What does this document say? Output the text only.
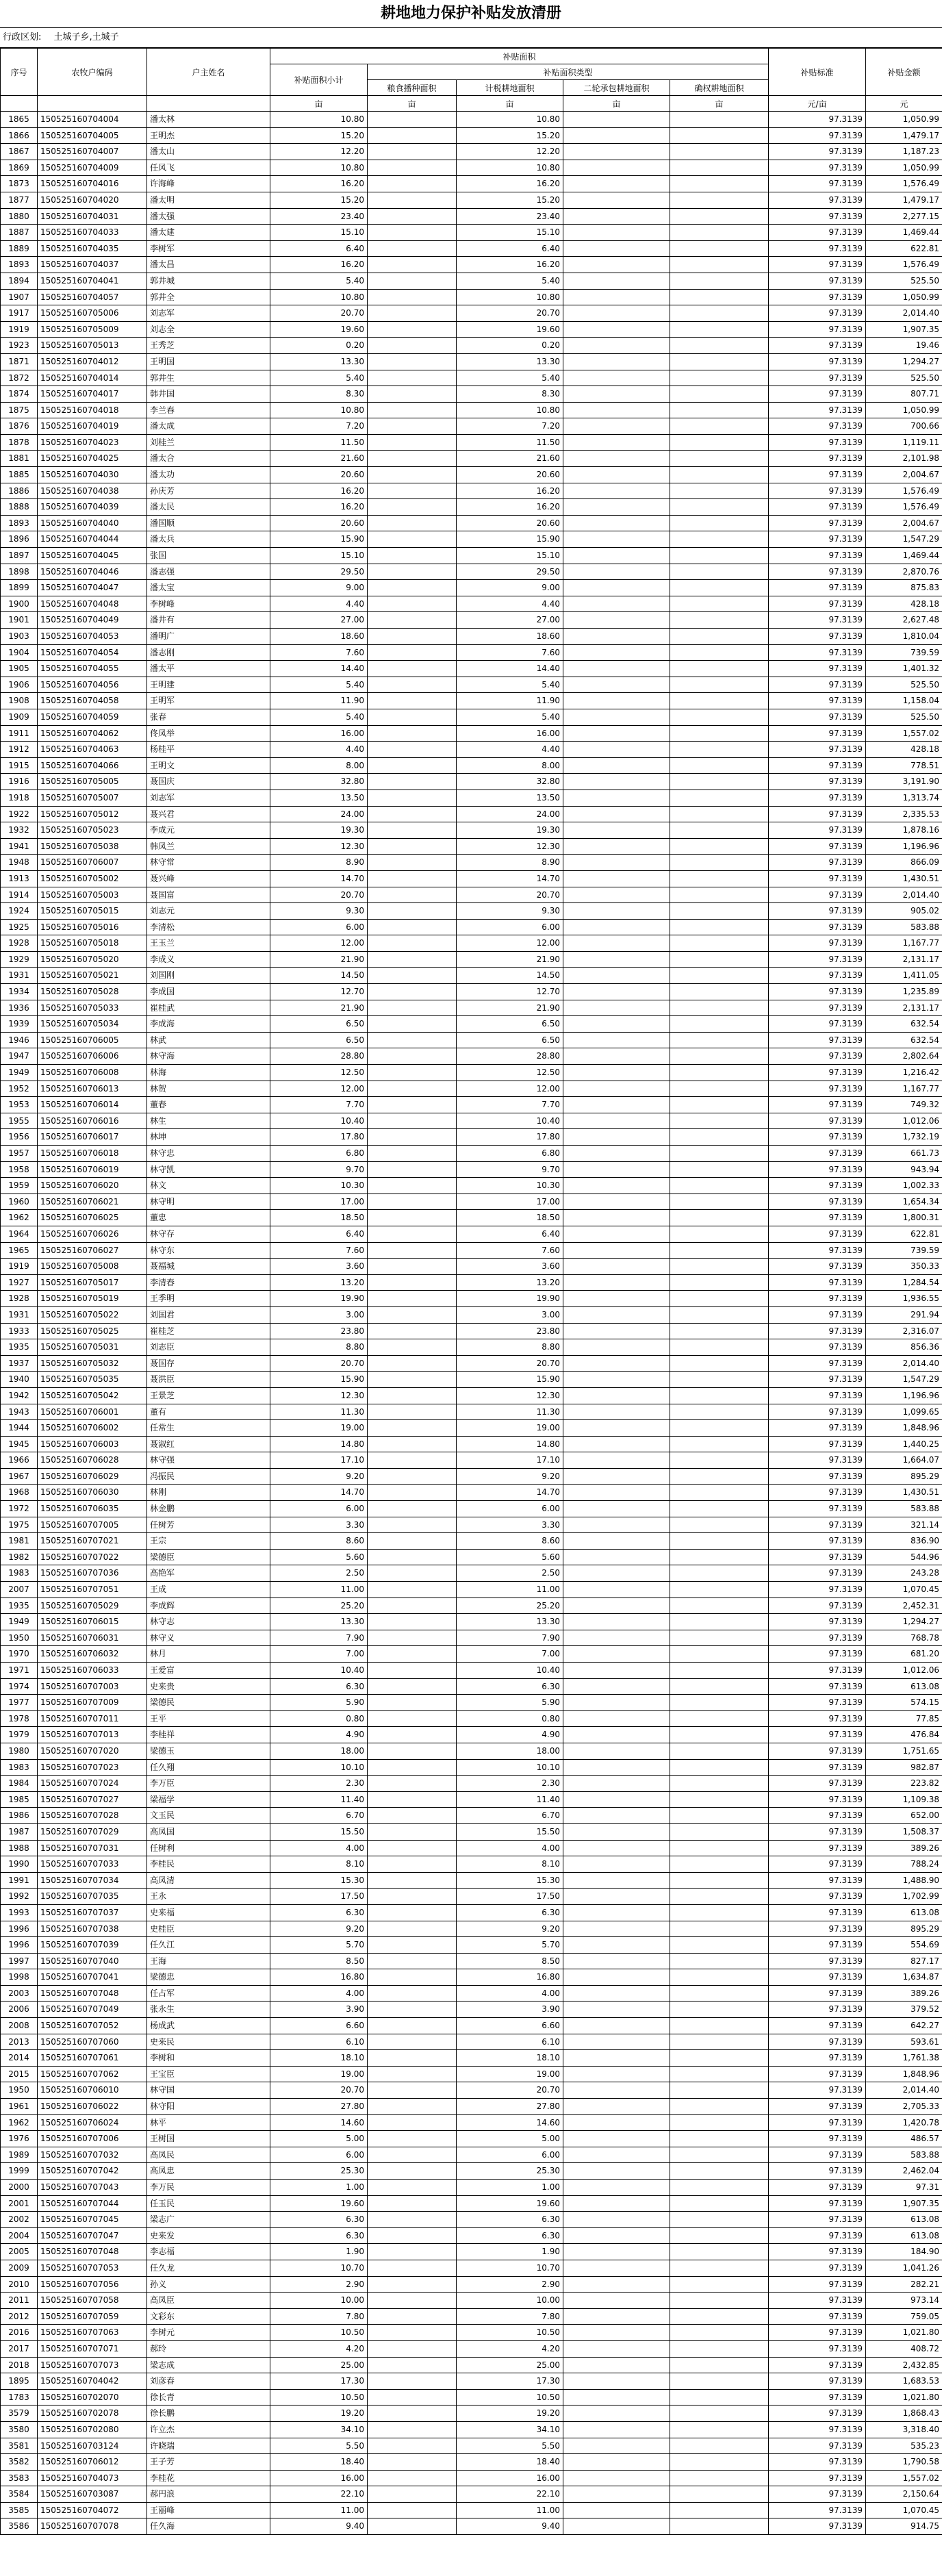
耕地地力保护补贴发放清册
行政区划: 土城子乡,土城子
序号	农牧户编码	户主姓名	补贴面积					补贴标准	补贴金额
			补贴面积小计	补贴面积类型					
				粮食播种面积	计税耕地面积	二轮承包耕地面积	确权耕地面积		
			亩	亩	亩	亩	亩	元/亩	元
1865	150525160704004	潘太林	10.80		10.80			97.3139	1,050.99
1866	150525160704005	王明杰	15.20		15.20			97.3139	1,479.17
1867	150525160704007	潘太山	12.20		12.20			97.3139	1,187.23
1869	150525160704009	任风飞	10.80		10.80			97.3139	1,050.99
1873	150525160704016	许海峰	16.20		16.20			97.3139	1,576.49
1877	150525160704020	潘太明	15.20		15.20			97.3139	1,479.17
1880	150525160704031	潘太强	23.40		23.40			97.3139	2,277.15
1887	150525160704033	潘太建	15.10		15.10			97.3139	1,469.44
1889	150525160704035	李树军	6.40		6.40			97.3139	622.81
1893	150525160704037	潘太昌	16.20		16.20			97.3139	1,576.49
1894	150525160704041	郭井城	5.40		5.40			97.3139	525.50
1907	150525160704057	郭井全	10.80		10.80			97.3139	1,050.99
1917	150525160705006	刘志军	20.70		20.70			97.3139	2,014.40
1919	150525160705009	刘志全	19.60		19.60			97.3139	1,907.35
1923	150525160705013	王秀芝	0.20		0.20			97.3139	19.46
1871	150525160704012	王明国	13.30		13.30			97.3139	1,294.27
1872	150525160704014	郭井生	5.40		5.40			97.3139	525.50
1874	150525160704017	韩井国	8.30		8.30			97.3139	807.71
1875	150525160704018	李兰春	10.80		10.80			97.3139	1,050.99
1876	150525160704019	潘太成	7.20		7.20			97.3139	700.66
1878	150525160704023	刘桂兰	11.50		11.50			97.3139	1,119.11
1881	150525160704025	潘太合	21.60		21.60			97.3139	2,101.98
1885	150525160704030	潘太功	20.60		20.60			97.3139	2,004.67
1886	150525160704038	孙庆芳	16.20		16.20			97.3139	1,576.49
1888	150525160704039	潘太民	16.20		16.20			97.3139	1,576.49
1893	150525160704040	潘国顺	20.60		20.60			97.3139	2,004.67
1896	150525160704044	潘太兵	15.90		15.90			97.3139	1,547.29
1897	150525160704045	张国	15.10		15.10			97.3139	1,469.44
1898	150525160704046	潘志强	29.50		29.50			97.3139	2,870.76
1899	150525160704047	潘太宝	9.00		9.00			97.3139	875.83
1900	150525160704048	李树峰	4.40		4.40			97.3139	428.18
1901	150525160704049	潘井有	27.00		27.00			97.3139	2,627.48
1903	150525160704053	潘明广	18.60		18.60			97.3139	1,810.04
1904	150525160704054	潘志刚	7.60		7.60			97.3139	739.59
1905	150525160704055	潘太平	14.40		14.40			97.3139	1,401.32
1906	150525160704056	王明建	5.40		5.40			97.3139	525.50
1908	150525160704058	王明军	11.90		11.90			97.3139	1,158.04
1909	150525160704059	张春	5.40		5.40			97.3139	525.50
1911	150525160704062	佟凤举	16.00		16.00			97.3139	1,557.02
1912	150525160704063	杨桂平	4.40		4.40			97.3139	428.18
1915	150525160704066	王明文	8.00		8.00			97.3139	778.51
1916	150525160705005	聂国庆	32.80		32.80			97.3139	3,191.90
1918	150525160705007	刘志军	13.50		13.50			97.3139	1,313.74
1922	150525160705012	聂兴君	24.00		24.00			97.3139	2,335.53
1932	150525160705023	李成元	19.30		19.30			97.3139	1,878.16
1941	150525160705038	韩凤兰	12.30		12.30			97.3139	1,196.96
1948	150525160706007	林守常	8.90		8.90			97.3139	866.09
1913	150525160705002	聂兴峰	14.70		14.70			97.3139	1,430.51
1914	150525160705003	聂国富	20.70		20.70			97.3139	2,014.40
1924	150525160705015	刘志元	9.30		9.30			97.3139	905.02
1925	150525160705016	李清松	6.00		6.00			97.3139	583.88
1928	150525160705018	王玉兰	12.00		12.00			97.3139	1,167.77
1929	150525160705020	李成义	21.90		21.90			97.3139	2,131.17
1931	150525160705021	刘国刚	14.50		14.50			97.3139	1,411.05
1934	150525160705028	李成国	12.70		12.70			97.3139	1,235.89
1936	150525160705033	崔桂武	21.90		21.90			97.3139	2,131.17
1939	150525160705034	李成海	6.50		6.50			97.3139	632.54
1946	150525160706005	林武	6.50		6.50			97.3139	632.54
1947	150525160706006	林守海	28.80		28.80			97.3139	2,802.64
1949	150525160706008	林海	12.50		12.50			97.3139	1,216.42
1952	150525160706013	林贺	12.00		12.00			97.3139	1,167.77
1953	150525160706014	董春	7.70		7.70			97.3139	749.32
1955	150525160706016	林生	10.40		10.40			97.3139	1,012.06
1956	150525160706017	林坤	17.80		17.80			97.3139	1,732.19
1957	150525160706018	林守忠	6.80		6.80			97.3139	661.73
1958	150525160706019	林守凯	9.70		9.70			97.3139	943.94
1959	150525160706020	林文	10.30		10.30			97.3139	1,002.33
1960	150525160706021	林守明	17.00		17.00			97.3139	1,654.34
1962	150525160706025	董忠	18.50		18.50			97.3139	1,800.31
1964	150525160706026	林守存	6.40		6.40			97.3139	622.81
1965	150525160706027	林守东	7.60		7.60			97.3139	739.59
1919	150525160705008	聂福城	3.60		3.60			97.3139	350.33
1927	150525160705017	李清春	13.20		13.20			97.3139	1,284.54
1928	150525160705019	王季明	19.90		19.90			97.3139	1,936.55
1931	150525160705022	刘国君	3.00		3.00			97.3139	291.94
1933	150525160705025	崔桂芝	23.80		23.80			97.3139	2,316.07
1935	150525160705031	刘志臣	8.80		8.80			97.3139	856.36
1937	150525160705032	聂国存	20.70		20.70			97.3139	2,014.40
1940	150525160705035	聂洪臣	15.90		15.90			97.3139	1,547.29
1942	150525160705042	王景芝	12.30		12.30			97.3139	1,196.96
1943	150525160706001	董有	11.30		11.30			97.3139	1,099.65
1944	150525160706002	任常生	19.00		19.00			97.3139	1,848.96
1945	150525160706003	聂淑红	14.80		14.80			97.3139	1,440.25
1966	150525160706028	林守强	17.10		17.10			97.3139	1,664.07
1967	150525160706029	冯振民	9.20		9.20			97.3139	895.29
1968	150525160706030	林刚	14.70		14.70			97.3139	1,430.51
1972	150525160706035	林金鹏	6.00		6.00			97.3139	583.88
1975	150525160707005	任树芳	3.30		3.30			97.3139	321.14
1981	150525160707021	王宗	8.60		8.60			97.3139	836.90
1982	150525160707022	梁德臣	5.60		5.60			97.3139	544.96
1983	150525160707036	高艳军	2.50		2.50			97.3139	243.28
2007	150525160707051	王成	11.00		11.00			97.3139	1,070.45
1935	150525160705029	李成辉	25.20		25.20			97.3139	2,452.31
1949	150525160706015	林守志	13.30		13.30			97.3139	1,294.27
1950	150525160706031	林守义	7.90		7.90			97.3139	768.78
1970	150525160706032	林月	7.00		7.00			97.3139	681.20
1971	150525160706033	王爱富	10.40		10.40			97.3139	1,012.06
1974	150525160707003	史来贵	6.30		6.30			97.3139	613.08
1977	150525160707009	梁德民	5.90		5.90			97.3139	574.15
1978	150525160707011	王平	0.80		0.80			97.3139	77.85
1979	150525160707013	李桂祥	4.90		4.90			97.3139	476.84
1980	150525160707020	梁德玉	18.00		18.00			97.3139	1,751.65
1983	150525160707023	任久翔	10.10		10.10			97.3139	982.87
1984	150525160707024	李万臣	2.30		2.30			97.3139	223.82
1985	150525160707027	梁福学	11.40		11.40			97.3139	1,109.38
1986	150525160707028	文玉民	6.70		6.70			97.3139	652.00
1987	150525160707029	高凤国	15.50		15.50			97.3139	1,508.37
1988	150525160707031	任树利	4.00		4.00			97.3139	389.26
1990	150525160707033	李桂民	8.10		8.10			97.3139	788.24
1991	150525160707034	高凤清	15.30		15.30			97.3139	1,488.90
1992	150525160707035	王永	17.50		17.50			97.3139	1,702.99
1993	150525160707037	史来福	6.30		6.30			97.3139	613.08
1996	150525160707038	史桂臣	9.20		9.20			97.3139	895.29
1996	150525160707039	任久江	5.70		5.70			97.3139	554.69
1997	150525160707040	王海	8.50		8.50			97.3139	827.17
1998	150525160707041	梁德忠	16.80		16.80			97.3139	1,634.87
2003	150525160707048	任占军	4.00		4.00			97.3139	389.26
2006	150525160707049	张永生	3.90		3.90			97.3139	379.52
2008	150525160707052	杨成武	6.60		6.60			97.3139	642.27
2013	150525160707060	史来民	6.10		6.10			97.3139	593.61
2014	150525160707061	李树和	18.10		18.10			97.3139	1,761.38
2015	150525160707062	王宝臣	19.00		19.00			97.3139	1,848.96
1950	150525160706010	林守国	20.70		20.70			97.3139	2,014.40
1961	150525160706022	林守阳	27.80		27.80			97.3139	2,705.33
1962	150525160706024	林平	14.60		14.60			97.3139	1,420.78
1976	150525160707006	王树国	5.00		5.00			97.3139	486.57
1989	150525160707032	高凤民	6.00		6.00			97.3139	583.88
1999	150525160707042	高凤忠	25.30		25.30			97.3139	2,462.04
2000	150525160707043	李万民	1.00		1.00			97.3139	97.31
2001	150525160707044	任玉民	19.60		19.60			97.3139	1,907.35
2002	150525160707045	梁志广	6.30		6.30			97.3139	613.08
2004	150525160707047	史来发	6.30		6.30			97.3139	613.08
2005	150525160707048	李志福	1.90		1.90			97.3139	184.90
2009	150525160707053	任久龙	10.70		10.70			97.3139	1,041.26
2010	150525160707056	孙义	2.90		2.90			97.3139	282.21
2011	150525160707058	高凤臣	10.00		10.00			97.3139	973.14
2012	150525160707059	文彩东	7.80		7.80			97.3139	759.05
2016	150525160707063	李树元	10.50		10.50			97.3139	1,021.80
2017	150525160707071	郝玲	4.20		4.20			97.3139	408.72
2018	150525160707073	梁志成	25.00		25.00			97.3139	2,432.85
1895	150525160704042	刘彦春	17.30		17.30			97.3139	1,683.53
1783	150525160702070	徐长青	10.50		10.50			97.3139	1,021.80
3579	150525160702078	徐长鹏	19.20		19.20			97.3139	1,868.43
3580	150525160702080	许立杰	34.10		34.10			97.3139	3,318.40
3581	150525160703124	许晓瑞	5.50		5.50			97.3139	535.23
3582	150525160706012	王子芳	18.40		18.40			97.3139	1,790.58
3583	150525160704073	李桂花	16.00		16.00			97.3139	1,557.02
3584	150525160703087	郝円浪	22.10		22.10			97.3139	2,150.64
3585	150525160704072	王丽峰	11.00		11.00			97.3139	1,070.45
3586	150525160707078	任久海	9.40		9.40			97.3139	914.75
